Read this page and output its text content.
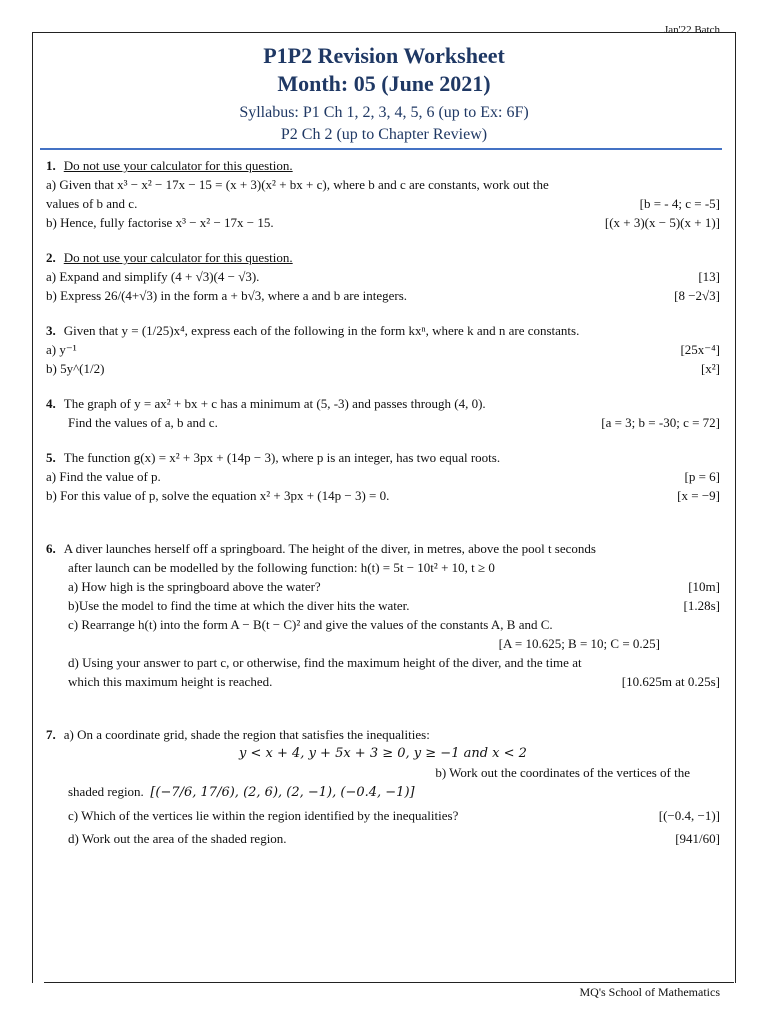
Jan'22 Batch
P1P2 Revision Worksheet
Month: 05 (June 2021)
Syllabus: P1 Ch 1, 2, 3, 4, 5, 6 (up to Ex: 6F)
P2 Ch 2 (up to Chapter Review)
1. Do not use your calculator for this question.
a) Given that x³ − x² − 17x − 15 = (x + 3)(x² + bx + c), where b and c are constants, work out the
values of b and c.	[b = - 4; c = -5]
b) Hence, fully factorise x³ − x² − 17x − 15.	[(x + 3)(x − 5)(x + 1)]
2. Do not use your calculator for this question.
a) Expand and simplify (4 + √3)(4 − √3).	[13]
b) Express 26/(4+√3) in the form a + b√3, where a and b are integers.	[8 −2√3]
3. Given that y = (1/25)x⁴, express each of the following in the form kxⁿ, where k and n are constants.
a) y⁻¹	[25x⁻⁴]
b) 5y^(1/2)	[x²]
4. The graph of y = ax² + bx + c has a minimum at (5, -3) and passes through (4, 0).
Find the values of a, b and c.	[a = 3; b = -30; c = 72]
5. The function g(x) = x² + 3px + (14p − 3), where p is an integer, has two equal roots.
a) Find the value of p.	[p = 6]
b) For this value of p, solve the equation x² + 3px + (14p − 3) = 0.	[x = −9]
6. A diver launches herself off a springboard. The height of the diver, in metres, above the pool t seconds
after launch can be modelled by the following function: h(t) = 5t − 10t² + 10, t ≥ 0
a) How high is the springboard above the water?	[10m]
b)Use the model to find the time at which the diver hits the water.	[1.28s]
c) Rearrange h(t) into the form A − B(t − C)² and give the values of the constants A, B and C.
[A = 10.625; B = 10; C = 0.25]
d) Using your answer to part c, or otherwise, find the maximum height of the diver, and the time at
which this maximum height is reached.	[10.625m at 0.25s]
7. a) On a coordinate grid, shade the region that satisfies the inequalities:
y < x + 4, y + 5x + 3 ≥ 0, y ≥ −1 and x < 2
b) Work out the coordinates of the vertices of the
shaded region. [(−7/6, 17/6), (2, 6), (2, −1), (−0.4, −1)]
c) Which of the vertices lie within the region identified by the inequalities?	[(−0.4, −1)]
d) Work out the area of the shaded region.	[941/60]
MQ's School of Mathematics
